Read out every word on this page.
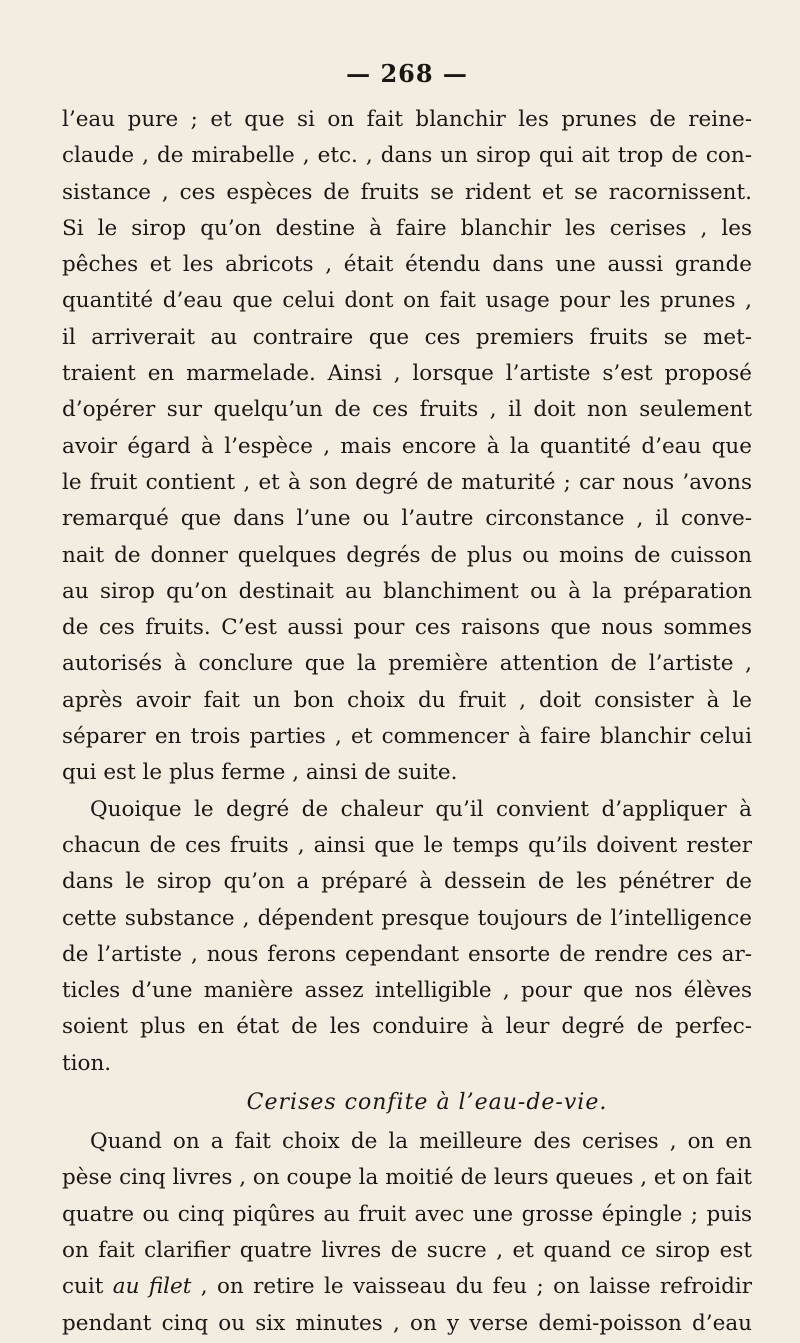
— 268 —
l’eau pure ; et que si on fait blanchir les prunes de reine-
claude , de mirabelle , etc. , dans un sirop qui ait trop de con-
sistance , ces espèces de fruits se rident et se racornissent.
Si le sirop qu’on destine à faire blanchir les cerises , les
pêches et les abricots , était étendu dans une aussi grande
quantité d’eau que celui dont on fait usage pour les prunes ,
il arriverait au contraire que ces premiers fruits se met-
traient en marmelade. Ainsi , lorsque l’artiste s’est proposé
d’opérer sur quelqu’un de ces fruits , il doit non seulement
avoir égard à l’espèce , mais encore à la quantité d’eau que
le fruit contient , et à son degré de maturité ; car nous ’avons
remarqué que dans l’une ou l’autre circonstance , il conve-
nait de donner quelques degrés de plus ou moins de cuisson
au sirop qu’on destinait au blanchiment ou à la préparation
de ces fruits. C’est aussi pour ces raisons que nous sommes
autorisés à conclure que la première attention de l’artiste ,
après avoir fait un bon choix du fruit , doit consister à le
séparer en trois parties , et commencer à faire blanchir celui
qui est le plus ferme , ainsi de suite.
Quoique le degré de chaleur qu’il convient d’appliquer à
chacun de ces fruits , ainsi que le temps qu’ils doivent rester
dans le sirop qu’on a préparé à dessein de les pénétrer de
cette substance , dépendent presque toujours de l’intelligence
de l’artiste , nous ferons cependant ensorte de rendre ces ar-
ticles d’une manière assez intelligible , pour que nos élèves
soient plus en état de les conduire à leur degré de perfec-
tion.
Cerises confite à l’eau-de-vie.
Quand on a fait choix de la meilleure des cerises , on en
pèse cinq livres , on coupe la moitié de leurs queues , et on fait
quatre ou cinq piqûres au fruit avec une grosse épingle ; puis
on fait clarifier quatre livres de sucre , et quand ce sirop est
cuit au filet , on retire le vaisseau du feu ; on laisse refroidir
pendant cinq ou six minutes , on y verse demi-poisson d’eau
